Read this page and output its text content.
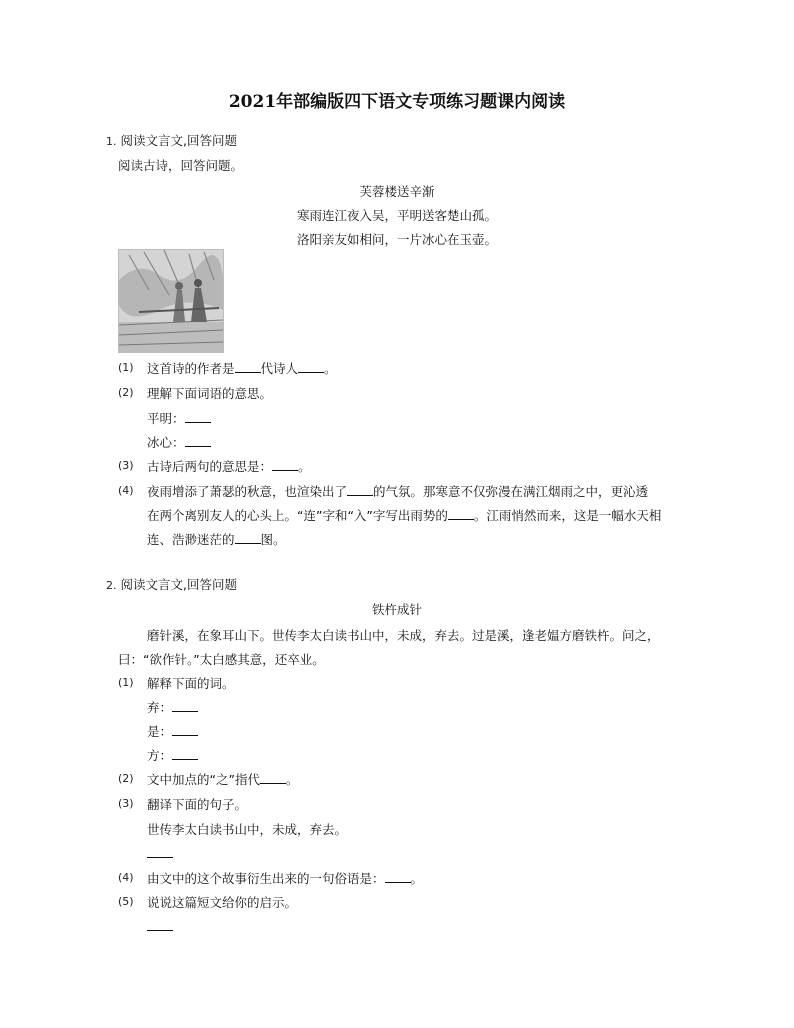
2021年部编版四下语文专项练习题课内阅读
1. 阅读文言文,回答问题
阅读古诗，回答问题。
芙蓉楼送辛渐
寒雨连江夜入吴，平明送客楚山孤。
洛阳亲友如相问，一片冰心在玉壶。
(1) 这首诗的作者是 代诗人 。
(2) 理解下面词语的意思。
平明：
冰心：
(3) 古诗后两句的意思是： 。
(4) 夜雨增添了萧瑟的秋意，也渲染出了 的气氛。那寒意不仅弥漫在满江烟雨之中，更沁透
在两个离别友人的心头上。“连”字和“入”字写出雨势的 。江雨悄然而来，这是一幅水天相
连、浩渺迷茫的 图。
2. 阅读文言文,回答问题
铁杵成针
磨针溪，在象耳山下。世传李太白读书山中，未成，弃去。过是溪，逢老媪方磨铁杵。问之，
曰：“欲作针。”太白感其意，还卒业。
(1) 解释下面的词。
弃：
是：
方：
(2) 文中加点的“之”指代 。
(3) 翻译下面的句子。
世传李太白读书山中，未成，弃去。
(4) 由文中的这个故事衍生出来的一句俗语是： 。
(5) 说说这篇短文给你的启示。
